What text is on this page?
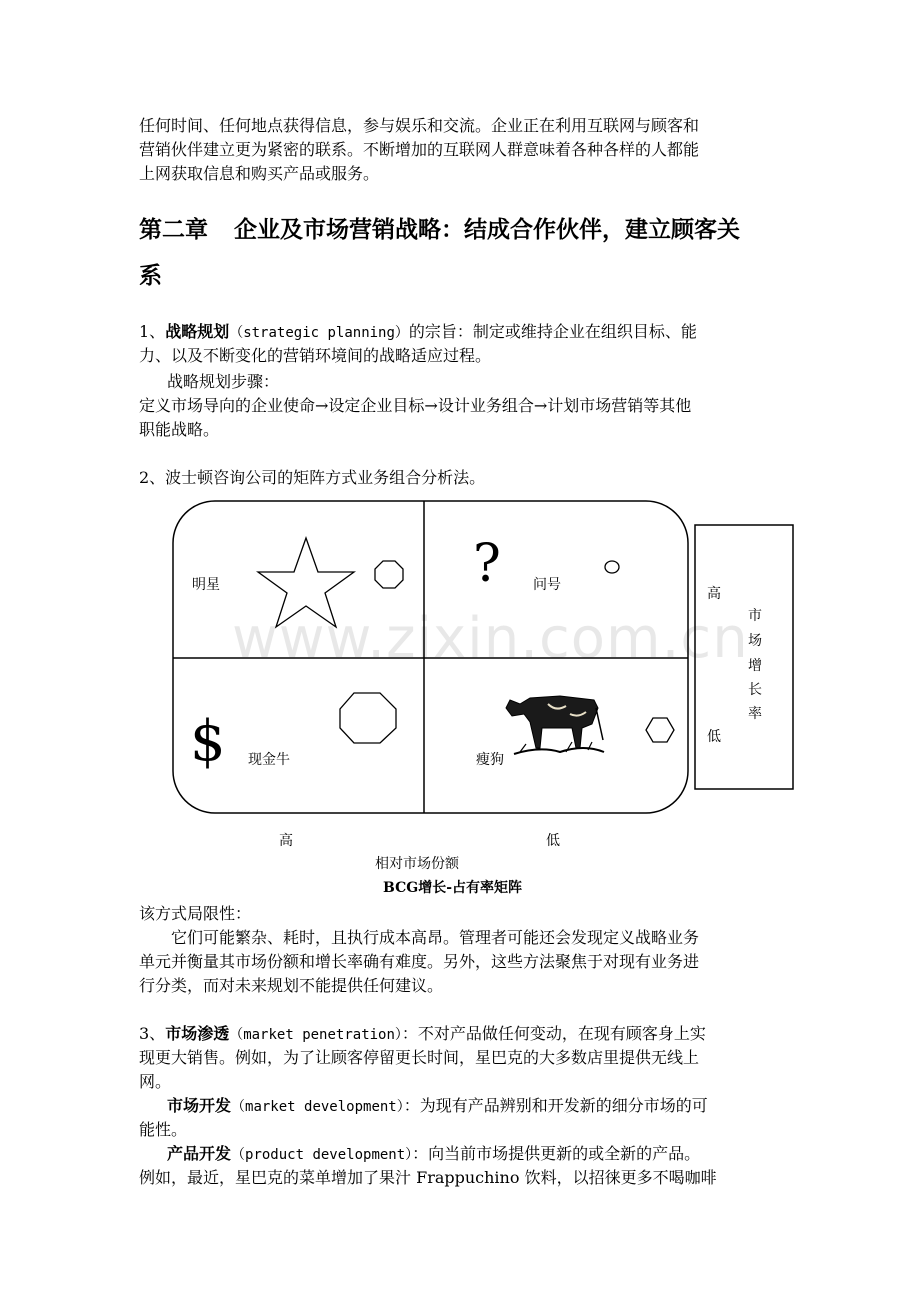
任何时间、任何地点获得信息，参与娱乐和交流。企业正在利用互联网与顾客和

营销伙伴建立更为紧密的联系。不断增加的互联网人群意味着各种各样的人都能

上网获取信息和购买产品或服务。

第二章 企业及市场营销战略：结成合作伙伴，建立顾客关
系

1、战略规划（strategic planning）的宗旨：制定或维持企业在组织目标、能

力、以及不断变化的营销环境间的战略适应过程。

战略规划步骤：

定义市场导向的企业使命→设定企业目标→设计业务组合→计划市场营销等其他

职能战略。

2、波士顿咨询公司的矩阵方式业务组合分析法。

www.zixin.com.cn
明星	? 问号
$ 现金牛	瘦狗
高
低
市
场
增
长
率
高	低
相对市场份额
BCG增长-占有率矩阵

该方式局限性：

它们可能繁杂、耗时，且执行成本高昂。管理者可能还会发现定义战略业务

单元并衡量其市场份额和增长率确有难度。另外，这些方法聚焦于对现有业务进

行分类，而对未来规划不能提供任何建议。

3、市场渗透（market penetration）：不对产品做任何变动，在现有顾客身上实

现更大销售。例如，为了让顾客停留更长时间，星巴克的大多数店里提供无线上

网。

市场开发（market development）：为现有产品辨别和开发新的细分市场的可

能性。

产品开发（product development）：向当前市场提供更新的或全新的产品。

例如，最近，星巴克的菜单增加了果汁 Frappuchino 饮料，以招徕更多不喝咖啡
